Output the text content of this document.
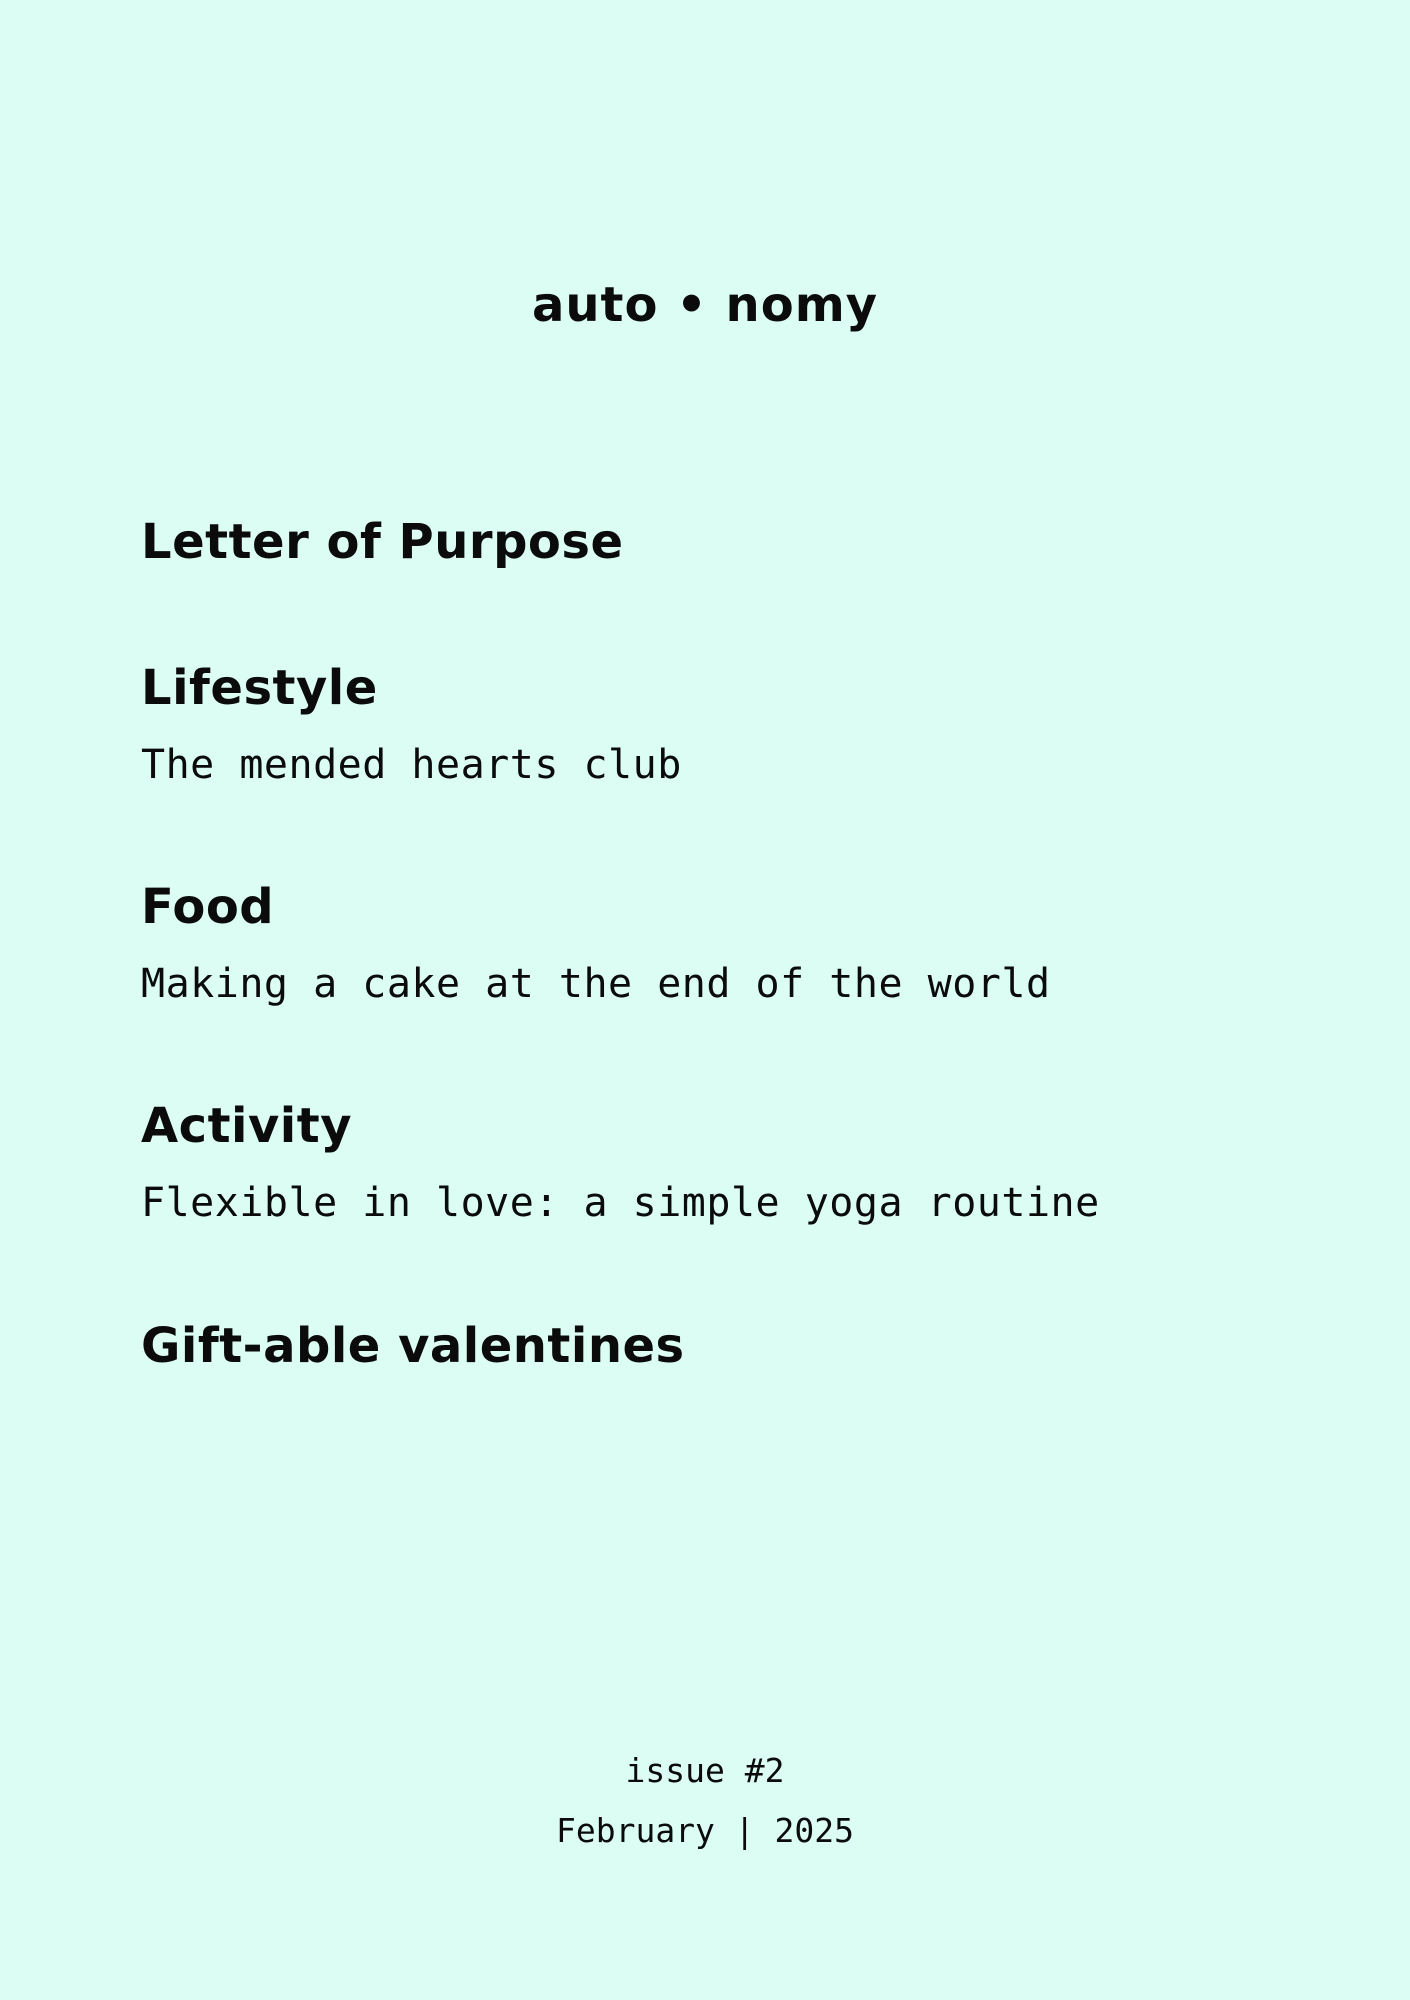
auto • nomy
Letter of Purpose
Lifestyle
The mended hearts club
Food
Making a cake at the end of the world
Activity
Flexible in love: a simple yoga routine
Gift-able valentines
issue #2
February | 2025
